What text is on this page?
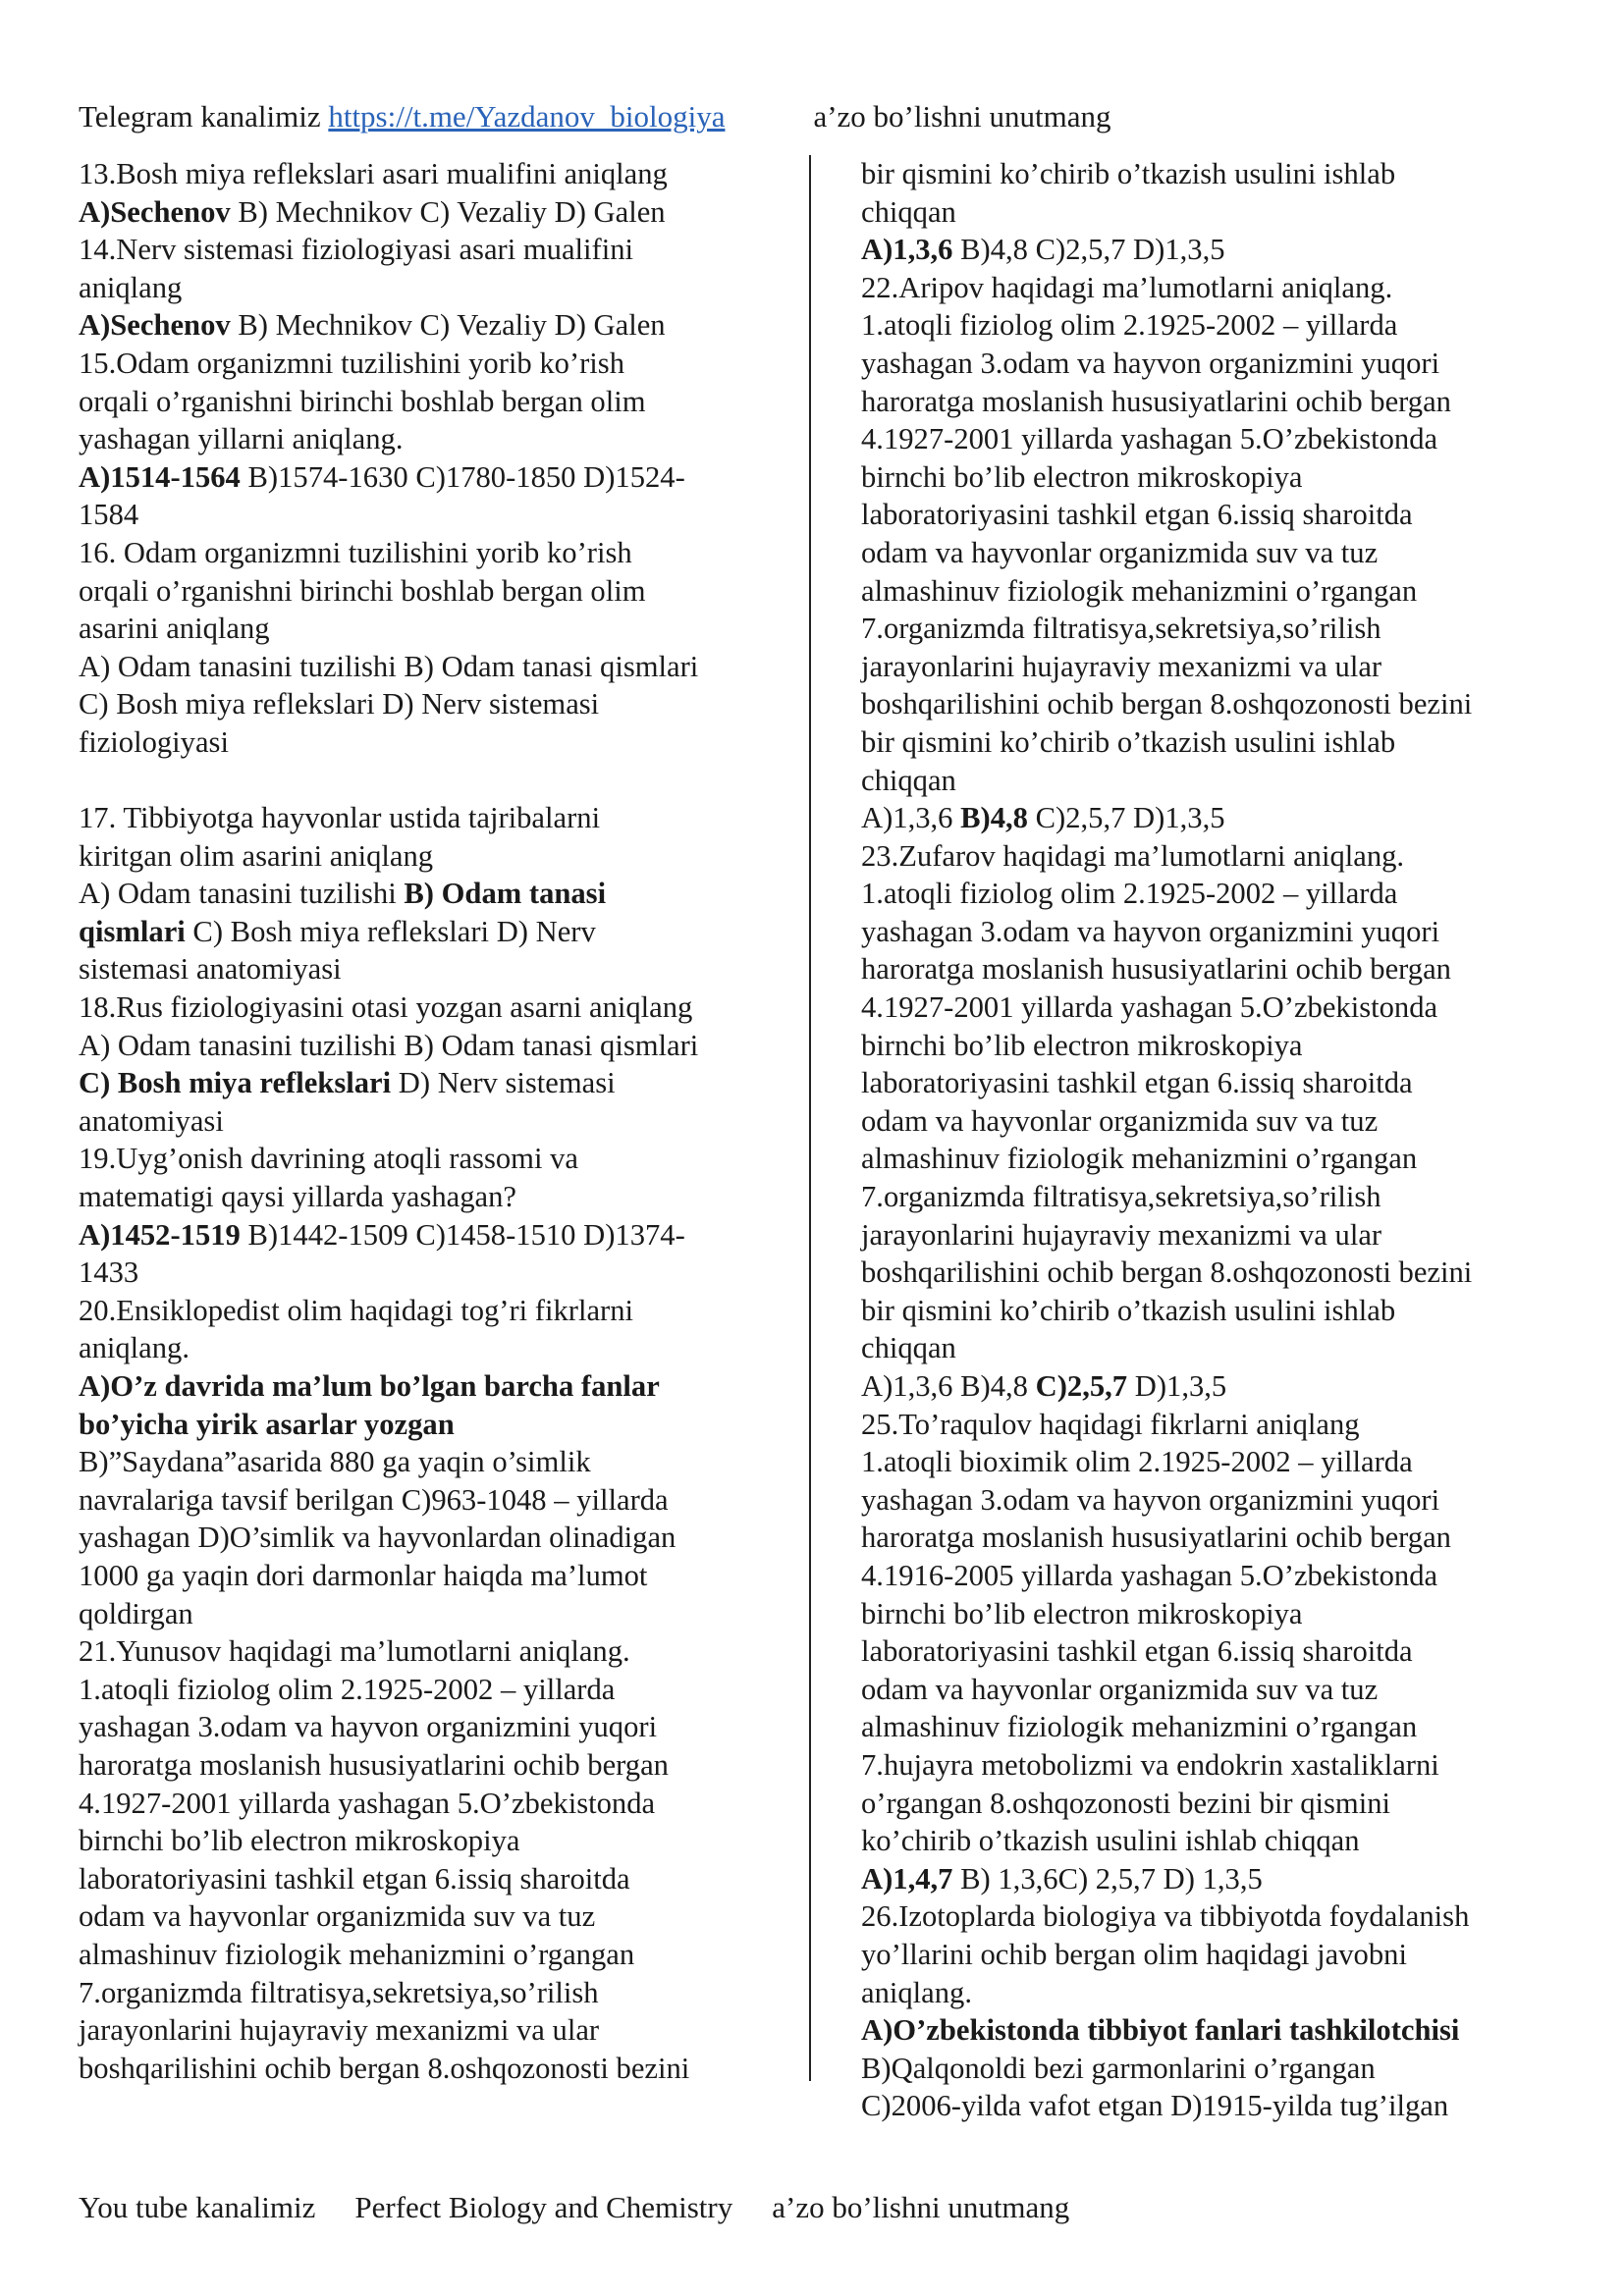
Telegram kanalimiz https://t.me/Yazdanov_biologiya	a’zo bo’lishni unutmang

13.Bosh miya reflekslari asari mualifini aniqlang

A)Sechenov B) Mechnikov C) Vezaliy D) Galen

14.Nerv sistemasi fiziologiyasi asari mualifini

aniqlang

A)Sechenov B) Mechnikov C) Vezaliy D) Galen

15.Odam organizmni tuzilishini yorib ko’rish

orqali o’rganishni birinchi boshlab bergan olim

yashagan yillarni aniqlang.

A)1514-1564 B)1574-1630 C)1780-1850 D)1524-

1584

16. Odam organizmni tuzilishini yorib ko’rish

orqali o’rganishni birinchi boshlab bergan olim

asarini aniqlang

A) Odam tanasini tuzilishi B) Odam tanasi qismlari

C) Bosh miya reflekslari D) Nerv sistemasi

fiziologiyasi

17. Tibbiyotga hayvonlar ustida tajribalarni

kiritgan olim asarini aniqlang

A) Odam tanasini tuzilishi B) Odam tanasi

qismlari C) Bosh miya reflekslari D) Nerv

sistemasi anatomiyasi

18.Rus fiziologiyasini otasi yozgan asarni aniqlang

A) Odam tanasini tuzilishi B) Odam tanasi qismlari

C) Bosh miya reflekslari D) Nerv sistemasi

anatomiyasi

19.Uyg’onish davrining atoqli rassomi va

matematigi qaysi yillarda yashagan?

A)1452-1519 B)1442-1509 C)1458-1510 D)1374-

1433

20.Ensiklopedist olim haqidagi tog’ri fikrlarni

aniqlang.

A)O’z davrida ma’lum bo’lgan barcha fanlar

bo’yicha yirik asarlar yozgan

B)”Saydana”asarida 880 ga yaqin o’simlik

navralariga tavsif berilgan C)963-1048 – yillarda

yashagan D)O’simlik va hayvonlardan olinadigan

1000 ga yaqin dori darmonlar haiqda ma’lumot

qoldirgan

21.Yunusov haqidagi ma’lumotlarni aniqlang.

1.atoqli fiziolog olim 2.1925-2002 – yillarda

yashagan 3.odam va hayvon organizmini yuqori

haroratga moslanish hususiyatlarini ochib bergan

4.1927-2001 yillarda yashagan 5.O’zbekistonda

birnchi bo’lib electron mikroskopiya

laboratoriyasini tashkil etgan 6.issiq sharoitda

odam va hayvonlar organizmida suv va tuz

almashinuv fiziologik mehanizmini o’rgangan

7.organizmda filtratisya,sekretsiya,so’rilish

jarayonlarini hujayraviy mexanizmi va ular

boshqarilishini ochib bergan 8.oshqozonosti bezini

bir qismini ko’chirib o’tkazish usulini ishlab

chiqqan

A)1,3,6 B)4,8 C)2,5,7 D)1,3,5

22.Aripov haqidagi ma’lumotlarni aniqlang.

1.atoqli fiziolog olim 2.1925-2002 – yillarda

yashagan 3.odam va hayvon organizmini yuqori

haroratga moslanish hususiyatlarini ochib bergan

4.1927-2001 yillarda yashagan 5.O’zbekistonda

birnchi bo’lib electron mikroskopiya

laboratoriyasini tashkil etgan 6.issiq sharoitda

odam va hayvonlar organizmida suv va tuz

almashinuv fiziologik mehanizmini o’rgangan

7.organizmda filtratisya,sekretsiya,so’rilish

jarayonlarini hujayraviy mexanizmi va ular

boshqarilishini ochib bergan 8.oshqozonosti bezini

bir qismini ko’chirib o’tkazish usulini ishlab

chiqqan

A)1,3,6 B)4,8 C)2,5,7 D)1,3,5

23.Zufarov haqidagi ma’lumotlarni aniqlang.

1.atoqli fiziolog olim 2.1925-2002 – yillarda

yashagan 3.odam va hayvon organizmini yuqori

haroratga moslanish hususiyatlarini ochib bergan

4.1927-2001 yillarda yashagan 5.O’zbekistonda

birnchi bo’lib electron mikroskopiya

laboratoriyasini tashkil etgan 6.issiq sharoitda

odam va hayvonlar organizmida suv va tuz

almashinuv fiziologik mehanizmini o’rgangan

7.organizmda filtratisya,sekretsiya,so’rilish

jarayonlarini hujayraviy mexanizmi va ular

boshqarilishini ochib bergan 8.oshqozonosti bezini

bir qismini ko’chirib o’tkazish usulini ishlab

chiqqan

A)1,3,6 B)4,8 C)2,5,7 D)1,3,5

25.To’raqulov haqidagi fikrlarni aniqlang

1.atoqli bioximik olim 2.1925-2002 – yillarda

yashagan 3.odam va hayvon organizmini yuqori

haroratga moslanish hususiyatlarini ochib bergan

4.1916-2005 yillarda yashagan 5.O’zbekistonda

birnchi bo’lib electron mikroskopiya

laboratoriyasini tashkil etgan 6.issiq sharoitda

odam va hayvonlar organizmida suv va tuz

almashinuv fiziologik mehanizmini o’rgangan

7.hujayra metobolizmi va endokrin xastaliklarni

o’rgangan 8.oshqozonosti bezini bir qismini

ko’chirib o’tkazish usulini ishlab chiqqan

A)1,4,7 B) 1,3,6C) 2,5,7 D) 1,3,5

26.Izotoplarda biologiya va tibbiyotda foydalanish

yo’llarini ochib bergan olim haqidagi javobni

aniqlang.

A)O’zbekistonda tibbiyot fanlari tashkilotchisi

B)Qalqonoldi bezi garmonlarini o’rgangan

C)2006-yilda vafot etgan D)1915-yilda tug’ilgan

You tube kanalimiz Perfect Biology and Chemistry a’zo bo’lishni unutmang
